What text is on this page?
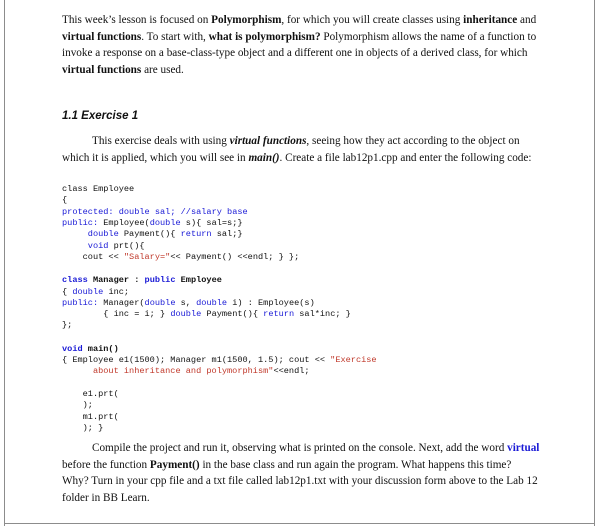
This week’s lesson is focused on Polymorphism, for which you will create classes using inheritance and virtual functions. To start with, what is polymorphism? Polymorphism allows the name of a function to invoke a response on a base-class-type object and a different one in objects of a derived class, for which virtual functions are used.

1.1 Exercise 1

This exercise deals with using virtual functions, seeing how they act according to the object on which it is applied, which you will see in main(). Create a file lab12p1.cpp and enter the following code:

class Employee
{
protected: double sal; //salary base
public: Employee(double s){ sal=s;}
double Payment(){ return sal;}
void prt(){
cout << "Salary="<< Payment() <<endl; } };
class Manager : public Employee
{ double inc;
public: Manager(double s, double i) : Employee(s)
{ inc = i; } double Payment(){ return sal*inc; }
};
void main()
{ Employee e1(1500); Manager m1(1500, 1.5); cout << "Exercise
about inheritance and polymorphism"<<endl;

e1.prt(
);
m1.prt(
); }

Compile the project and run it, observing what is printed on the console. Next, add the word virtual before the function Payment() in the base class and run again the program. What happens this time? Why? Turn in your cpp file and a txt file called lab12p1.txt with your discussion form above to the Lab 12 folder in BB Learn.
